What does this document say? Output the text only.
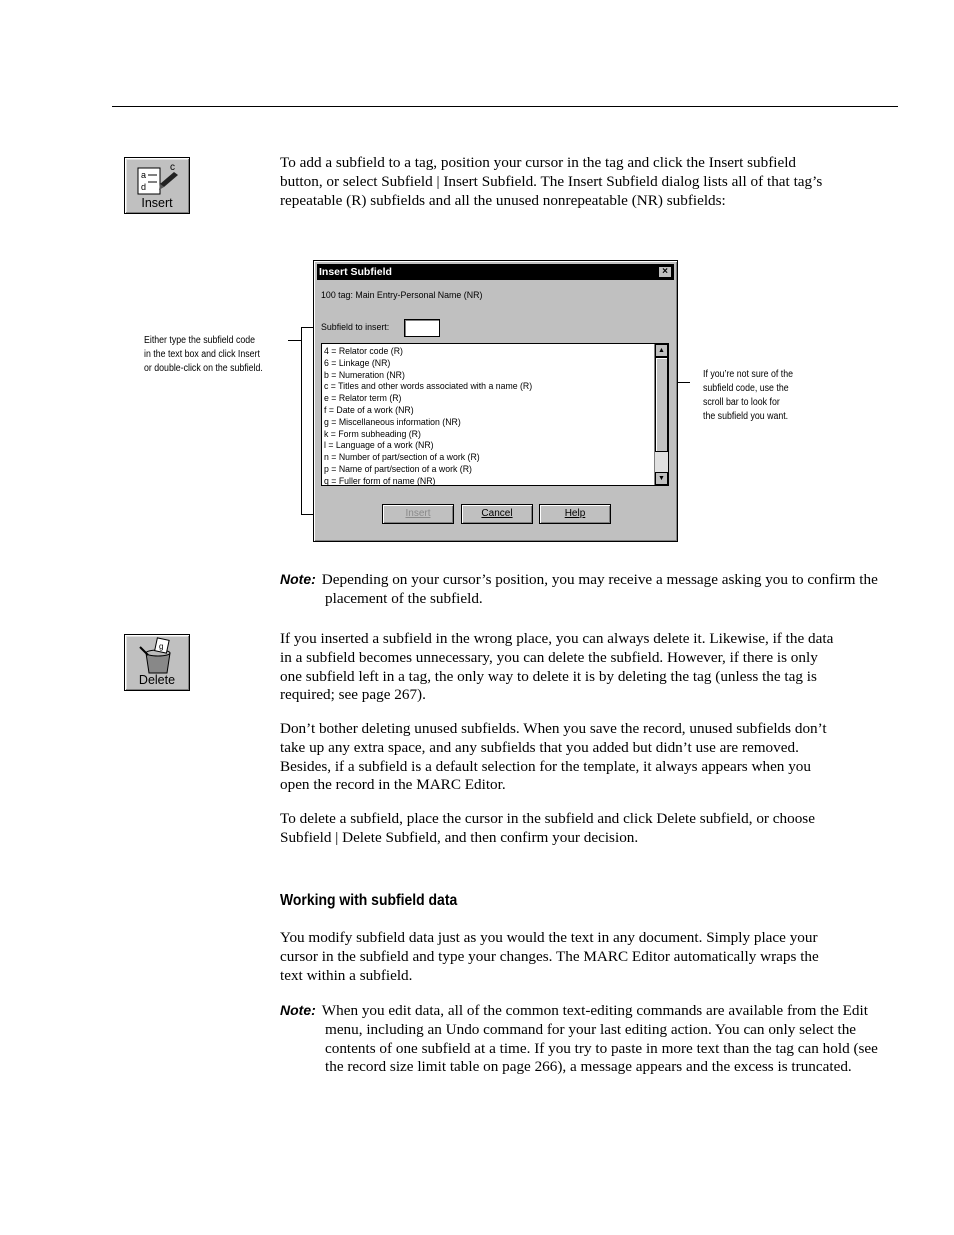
a
d
c
Insert

To add a subfield to a tag, position your cursor in the tag and click the Insert subfield button, or select Subfield | Insert Subfield. The Insert Subfield dialog lists all of that tag’s repeatable (R) subfields and all the unused nonrepeatable (NR) subfields:

Either type the subfield code
in the text box and click Insert
or double-click on the subfield.
If you’re not sure of the
subfield code, use the
scroll bar to look for
the subfield you want.
Insert Subfield	×
100 tag: Main Entry-Personal Name (NR)
Subfield to insert:
4 = Relator code (R)
6 = Linkage (NR)
b = Numeration (NR)
c = Titles and other words associated with a name (R)
e = Relator term (R)
f = Date of a work (NR)
g = Miscellaneous information (NR)
k = Form subheading (R)
l = Language of a work (NR)
n = Number of part/section of a work (R)
p = Name of part/section of a work (R)
q = Fuller form of name (NR)
▲
▼
Insert	Cancel	Help

Note: Depending on your cursor’s position, you may receive a message asking you to confirm the placement of the subfield.

g
Delete

If you inserted a subfield in the wrong place, you can always delete it. Likewise, if the data in a subfield becomes unnecessary, you can delete the subfield. However, if there is only one subfield left in a tag, the only way to delete it is by deleting the tag (unless the tag is required; see page 267).

Don’t bother deleting unused subfields. When you save the record, unused subfields don’t take up any extra space, and any subfields that you added but didn’t use are removed. Besides, if a subfield is a default selection for the template, it always appears when you open the record in the MARC Editor.

To delete a subfield, place the cursor in the subfield and click Delete subfield, or choose Subfield | Delete Subfield, and then confirm your decision.

Working with subfield data

You modify subfield data just as you would the text in any document. Simply place your cursor in the subfield and type your changes. The MARC Editor automatically wraps the text within a subfield.

Note: When you edit data, all of the common text-editing commands are available from the Edit menu, including an Undo command for your last editing action. You can only select the contents of one subfield at a time. If you try to paste in more text than the tag can hold (see the record size limit table on page 266), a message appears and the excess is truncated.
